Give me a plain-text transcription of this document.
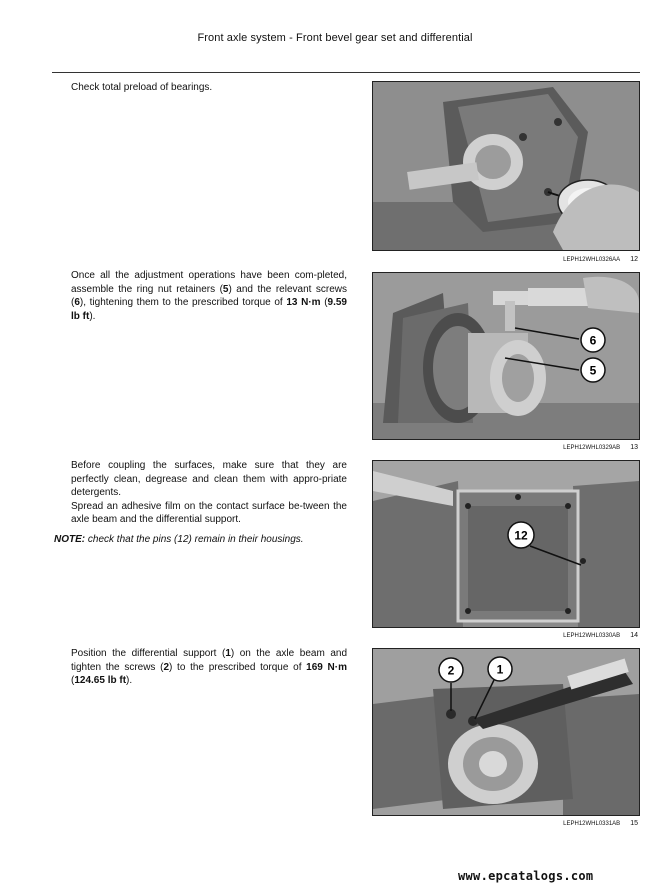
Front axle system - Front bevel gear set and differential

Check total preload of bearings.

LEPH12WHL0326AA 12

Once all the adjustment operations have been com-pleted, assemble the ring nut retainers (5) and the relevant screws (6), tightening them to the prescribed torque of 13 N·m (9.59 lb ft).

6
5
LEPH12WHL0329AB 13

Before coupling the surfaces, make sure that they are perfectly clean, degrease and clean them with appro-priate detergents.

Spread an adhesive film on the contact surface be-tween the axle beam and the differential support.

NOTE: check that the pins (12) remain in their housings.	12
LEPH12WHL0330AB 14

Position the differential support (1) on the axle beam and tighten the screws (2) to the prescribed torque of 169 N·m (124.65 lb ft).

2	1
LEPH12WHL0331AB 15
www.epcatalogs.com
